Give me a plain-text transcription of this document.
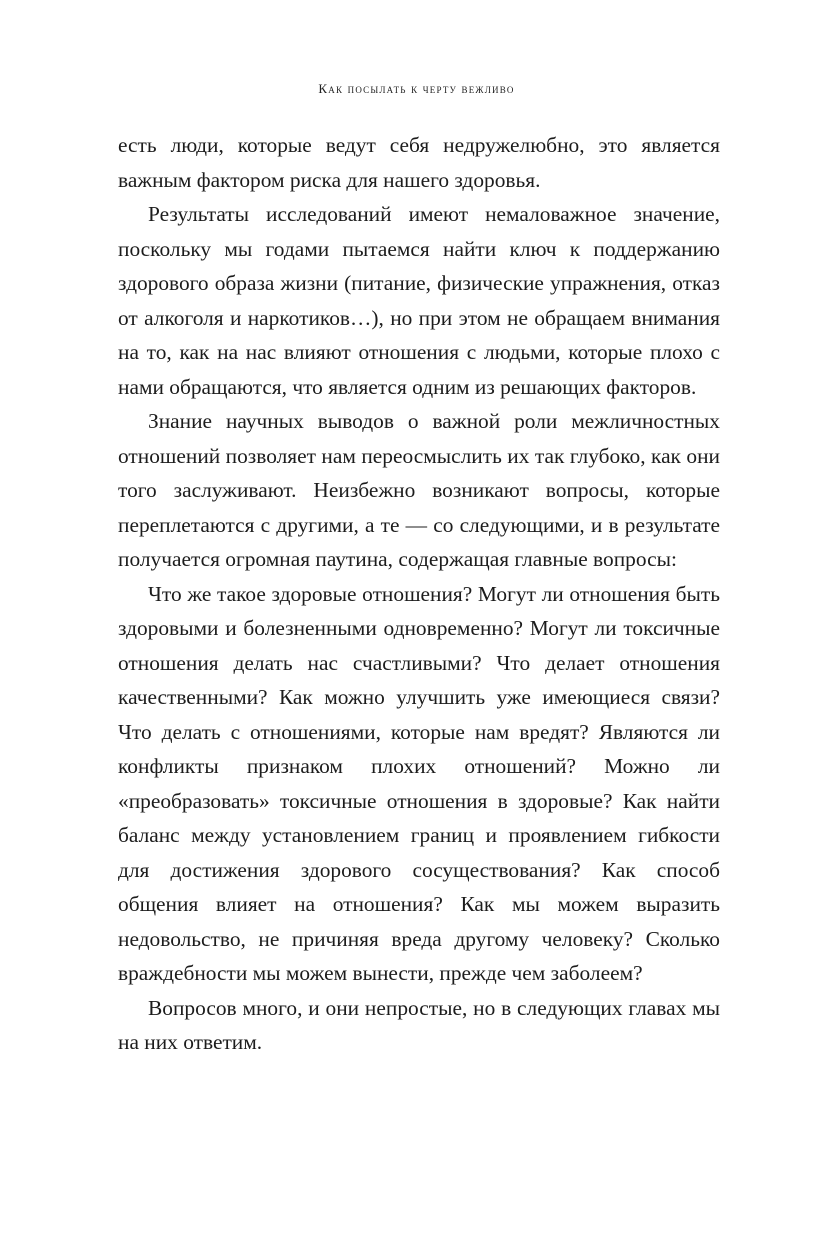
Как посылать к черту вежливо

есть люди, которые ведут себя недружелюбно, это является важным фактором риска для нашего здоровья.

Результаты исследований имеют немаловажное значение, поскольку мы годами пытаемся найти ключ к поддержанию здорового образа жизни (питание, физические упражнения, отказ от алкоголя и наркотиков…), но при этом не обращаем внимания на то, как на нас влияют отношения с людьми, которые плохо с нами обращаются, что является одним из решающих факторов.

Знание научных выводов о важной роли межличностных отношений позволяет нам переосмыслить их так глубоко, как они того заслуживают. Неизбежно возникают вопросы, которые переплетаются с другими, а те — со следующими, и в результате получается огромная паутина, содержащая главные вопросы:

Что же такое здоровые отношения? Могут ли отношения быть здоровыми и болезненными одновременно? Могут ли токсичные отношения делать нас счастливыми? Что делает отношения качественными? Как можно улучшить уже имеющиеся связи? Что делать с отношениями, которые нам вредят? Являются ли конфликты признаком плохих отношений? Можно ли «преобразовать» токсичные отношения в здоровые? Как найти баланс между установлением границ и проявлением гибкости для достижения здорового сосуществования? Как способ общения влияет на отношения? Как мы можем выразить недовольство, не причиняя вреда другому человеку? Сколько враждебности мы можем вынести, прежде чем заболеем?

Вопросов много, и они непростые, но в следующих главах мы на них ответим.
